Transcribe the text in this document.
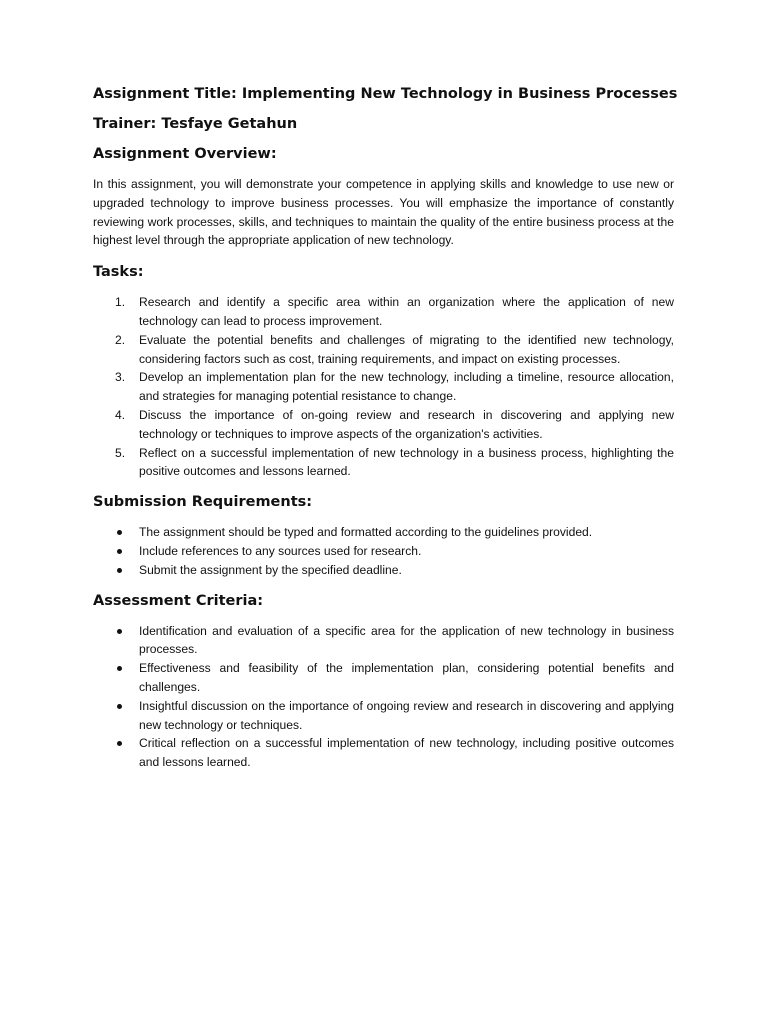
Assignment Title: Implementing New Technology in Business Processes
Trainer: Tesfaye Getahun
Assignment Overview:

In this assignment, you will demonstrate your competence in applying skills and knowledge to use new or upgraded technology to improve business processes. You will emphasize the importance of constantly reviewing work processes, skills, and techniques to maintain the quality of the entire business process at the highest level through the appropriate application of new technology.

Tasks:
1. Research and identify a specific area within an organization where the application of new technology can lead to process improvement.
2. Evaluate the potential benefits and challenges of migrating to the identified new technology, considering factors such as cost, training requirements, and impact on existing processes.
3. Develop an implementation plan for the new technology, including a timeline, resource allocation, and strategies for managing potential resistance to change.
4. Discuss the importance of on-going review and research in discovering and applying new technology or techniques to improve aspects of the organization's activities.
5. Reflect on a successful implementation of new technology in a business process, highlighting the positive outcomes and lessons learned.
Submission Requirements:
The assignment should be typed and formatted according to the guidelines provided.
Include references to any sources used for research.
Submit the assignment by the specified deadline.
Assessment Criteria:
Identification and evaluation of a specific area for the application of new technology in business processes.
Effectiveness and feasibility of the implementation plan, considering potential benefits and challenges.
Insightful discussion on the importance of ongoing review and research in discovering and applying new technology or techniques.
Critical reflection on a successful implementation of new technology, including positive outcomes and lessons learned.
